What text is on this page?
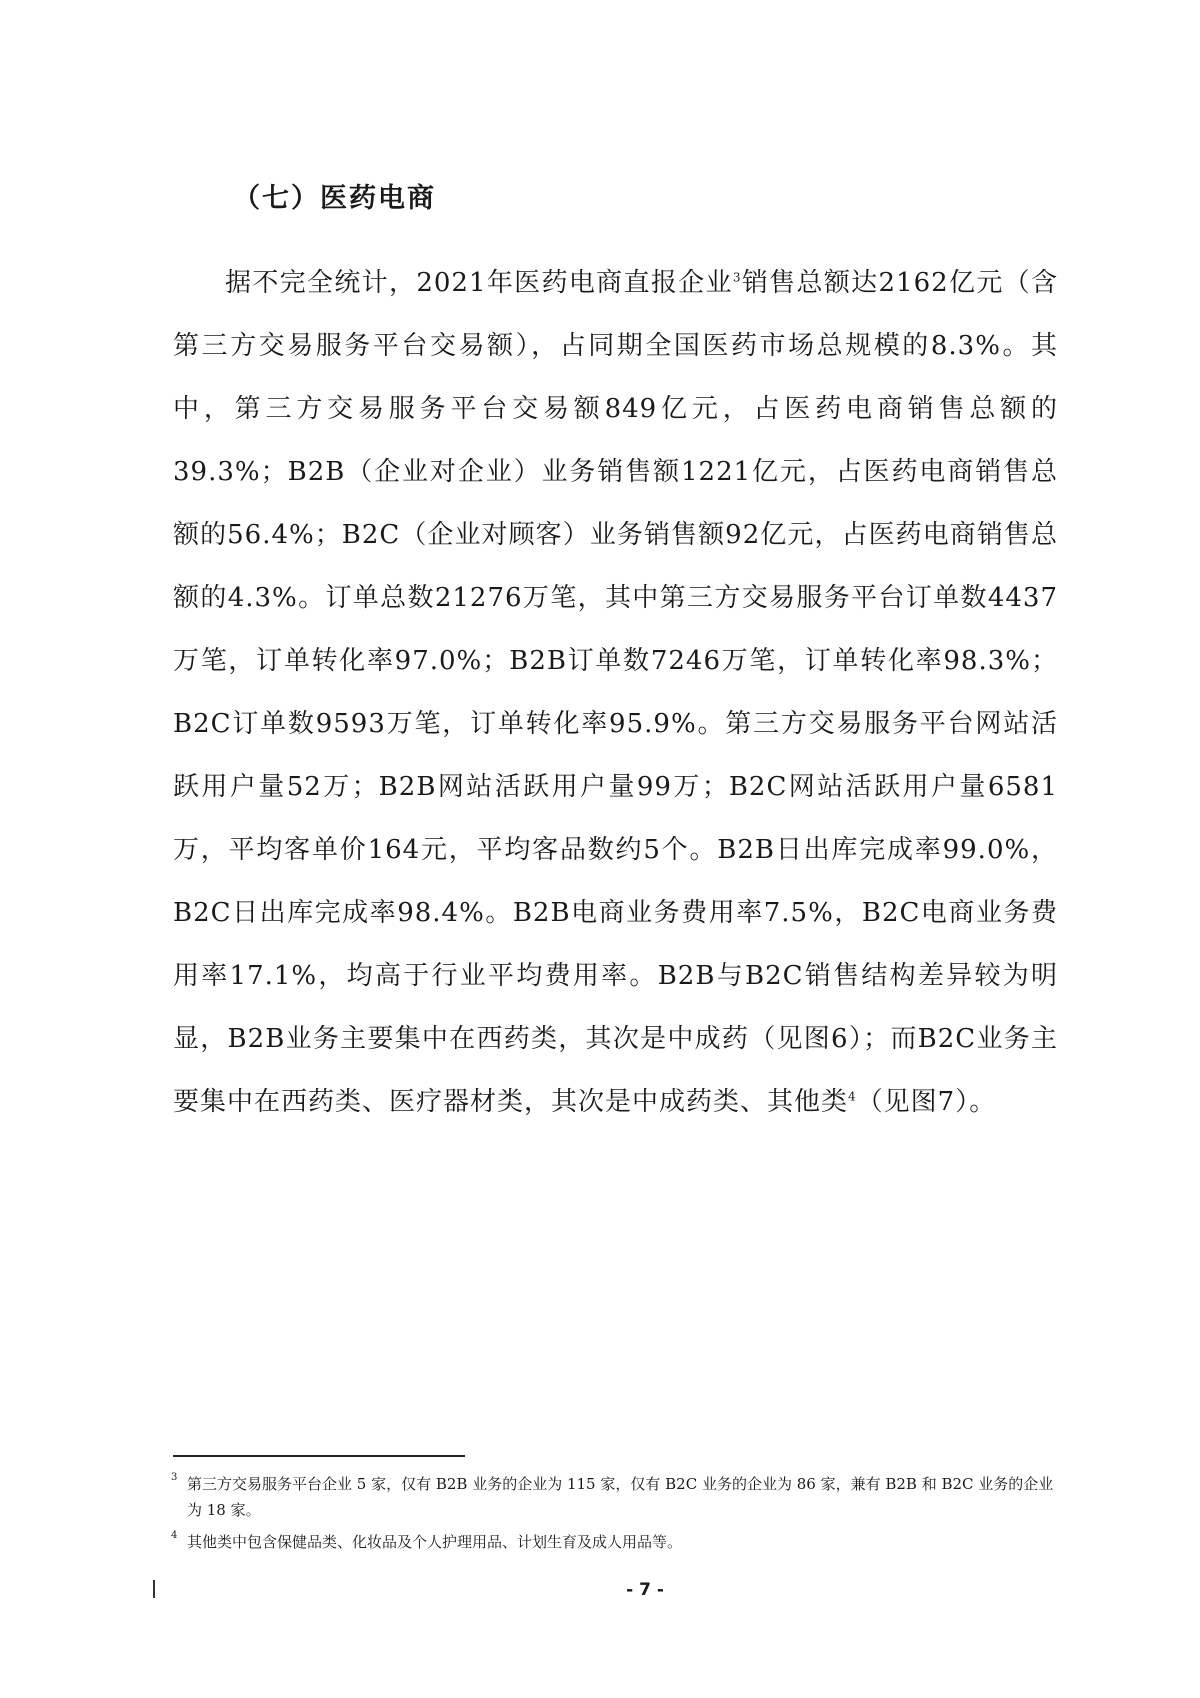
（七）医药电商

据不完全统计，2021年医药电商直报企业$^3$销售总额达2162亿元（含第三方交易服务平台交易额），占同期全国医药市场总规模的8.3%。其中，第三方交易服务平台交易额849亿元，占医药电商销售总额的39.3%；B2B（企业对企业）业务销售额1221亿元，占医药电商销售总额的56.4%；B2C（企业对顾客）业务销售额92亿元，占医药电商销售总额的4.3%。订单总数21276万笔，其中第三方交易服务平台订单数4437万笔，订单转化率97.0%；B2B订单数7246万笔，订单转化率98.3%；B2C订单数9593万笔，订单转化率95.9%。第三方交易服务平台网站活跃用户量52万；B2B网站活跃用户量99万；B2C网站活跃用户量6581万，平均客单价164元，平均客品数约5个。B2B日出库完成率99.0%，B2C日出库完成率98.4%。B2B电商业务费用率7.5%，B2C电商业务费用率17.1%，均高于行业平均费用率。B2B与B2C销售结构差异较为明显，B2B业务主要集中在西药类，其次是中成药（见图6）；而B2C业务主要集中在西药类、医疗器材类，其次是中成药类、其他类$^4$（见图7）。

3 第三方交易服务平台企业 5 家，仅有 B2B 业务的企业为 115 家，仅有 B2C 业务的企业为 86 家，兼有 B2B 和 B2C 业务的企业为 18 家。
4 其他类中包含保健品类、化妆品及个人护理用品、计划生育及成人用品等。
- 7 -
